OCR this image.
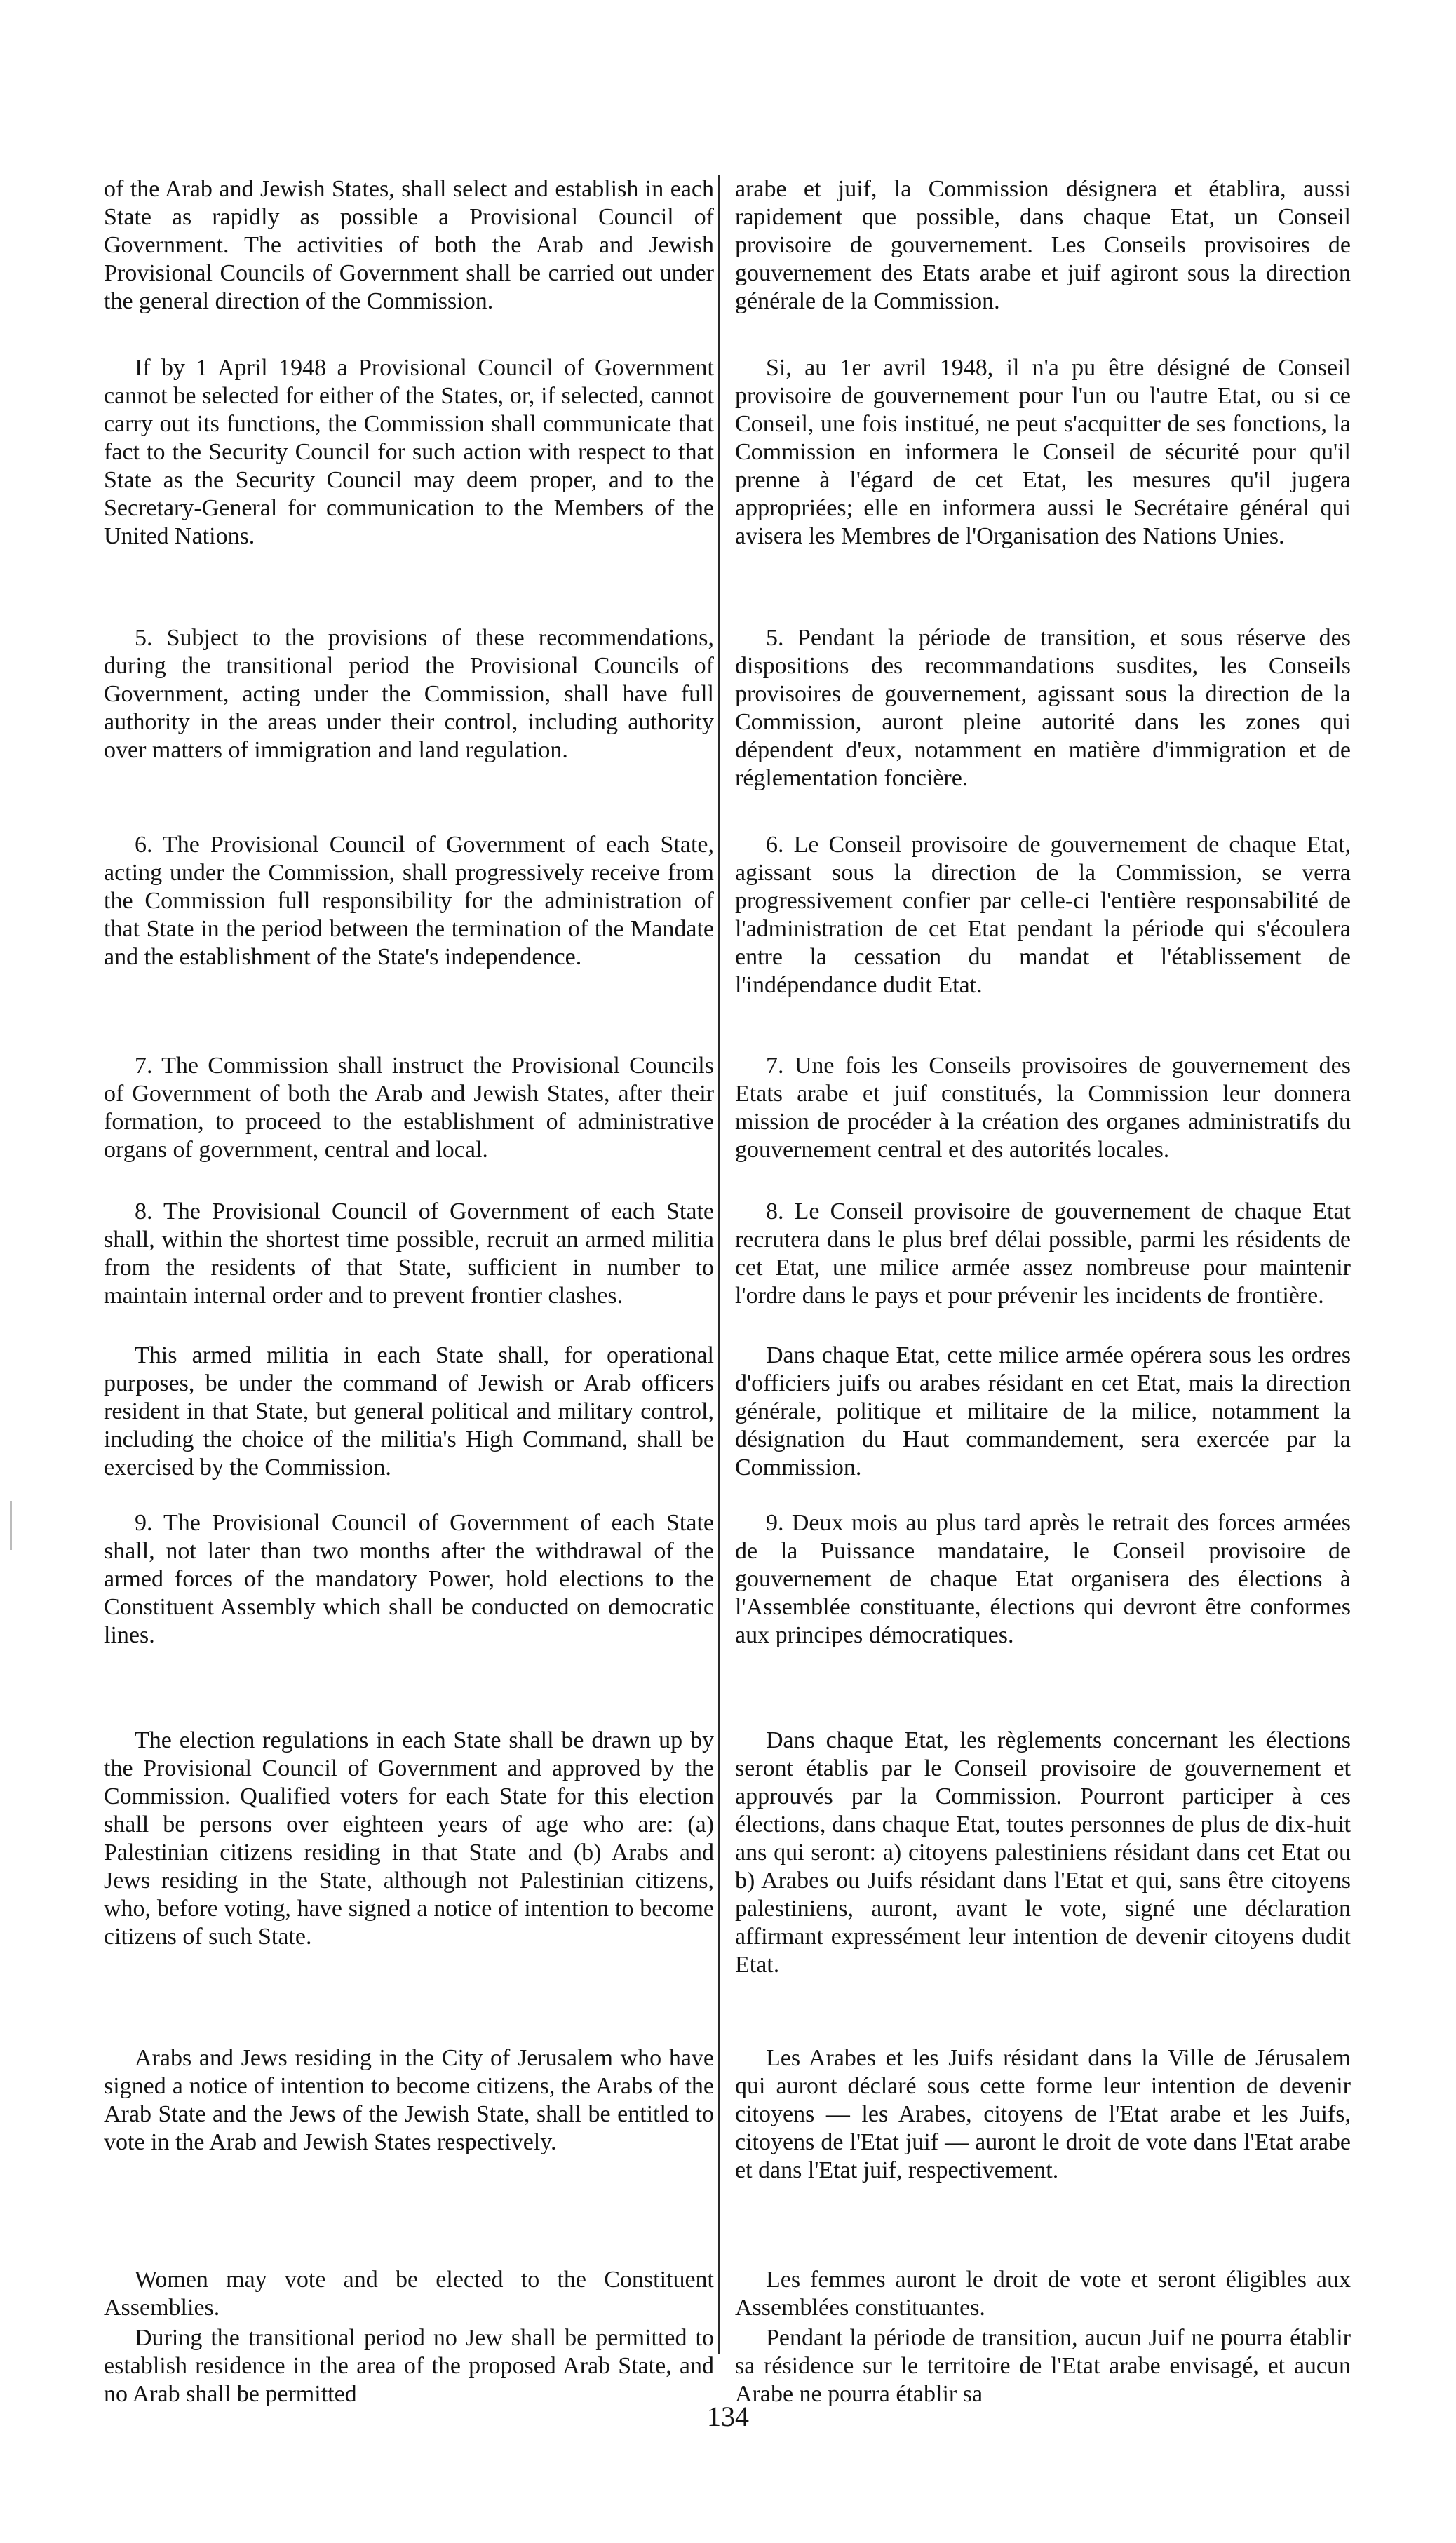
of the Arab and Jewish States, shall select and establish in each State as rapidly as possible a Provisional Council of Government. The activities of both the Arab and Jewish Provisional Councils of Government shall be carried out under the general direction of the Commission.

If by 1 April 1948 a Provisional Council of Government cannot be selected for either of the States, or, if selected, cannot carry out its functions, the Commission shall communicate that fact to the Security Council for such action with respect to that State as the Security Council may deem proper, and to the Secretary-General for communication to the Members of the United Nations.

5. Subject to the provisions of these recommendations, during the transitional period the Provisional Councils of Government, acting under the Commission, shall have full authority in the areas under their control, including authority over matters of immigration and land regulation.

6. The Provisional Council of Government of each State, acting under the Commission, shall progressively receive from the Commission full responsibility for the administration of that State in the period between the termination of the Mandate and the establishment of the State's independence.

7. The Commission shall instruct the Provisional Councils of Government of both the Arab and Jewish States, after their formation, to proceed to the establishment of administrative organs of government, central and local.

8. The Provisional Council of Government of each State shall, within the shortest time possible, recruit an armed militia from the residents of that State, sufficient in number to maintain internal order and to prevent frontier clashes.

This armed militia in each State shall, for operational purposes, be under the command of Jewish or Arab officers resident in that State, but general political and military control, including the choice of the militia's High Command, shall be exercised by the Commission.

9. The Provisional Council of Government of each State shall, not later than two months after the withdrawal of the armed forces of the mandatory Power, hold elections to the Constituent Assembly which shall be conducted on democratic lines.

The election regulations in each State shall be drawn up by the Provisional Council of Government and approved by the Commission. Qualified voters for each State for this election shall be persons over eighteen years of age who are: (a) Palestinian citizens residing in that State and (b) Arabs and Jews residing in the State, although not Palestinian citizens, who, before voting, have signed a notice of intention to become citizens of such State.

Arabs and Jews residing in the City of Jerusalem who have signed a notice of intention to become citizens, the Arabs of the Arab State and the Jews of the Jewish State, shall be entitled to vote in the Arab and Jewish States respectively.

Women may vote and be elected to the Constituent Assemblies.

During the transitional period no Jew shall be permitted to establish residence in the area of the proposed Arab State, and no Arab shall be permitted

arabe et juif, la Commission désignera et établira, aussi rapidement que possible, dans chaque Etat, un Conseil provisoire de gouvernement. Les Conseils provisoires de gouvernement des Etats arabe et juif agiront sous la direction générale de la Commission.

Si, au 1er avril 1948, il n'a pu être désigné de Conseil provisoire de gouvernement pour l'un ou l'autre Etat, ou si ce Conseil, une fois institué, ne peut s'acquitter de ses fonctions, la Commission en informera le Conseil de sécurité pour qu'il prenne à l'égard de cet Etat, les mesures qu'il jugera appropriées; elle en informera aussi le Secrétaire général qui avisera les Membres de l'Organisation des Nations Unies.

5. Pendant la période de transition, et sous réserve des dispositions des recommandations susdites, les Conseils provisoires de gouvernement, agissant sous la direction de la Commission, auront pleine autorité dans les zones qui dépendent d'eux, notamment en matière d'immigration et de réglementation foncière.

6. Le Conseil provisoire de gouvernement de chaque Etat, agissant sous la direction de la Commission, se verra progressivement confier par celle-ci l'entière responsabilité de l'administration de cet Etat pendant la période qui s'écoulera entre la cessation du mandat et l'établissement de l'indépendance dudit Etat.

7. Une fois les Conseils provisoires de gouvernement des Etats arabe et juif constitués, la Commission leur donnera mission de procéder à la création des organes administratifs du gouvernement central et des autorités locales.

8. Le Conseil provisoire de gouvernement de chaque Etat recrutera dans le plus bref délai possible, parmi les résidents de cet Etat, une milice armée assez nombreuse pour maintenir l'ordre dans le pays et pour prévenir les incidents de frontière.

Dans chaque Etat, cette milice armée opérera sous les ordres d'officiers juifs ou arabes résidant en cet Etat, mais la direction générale, politique et militaire de la milice, notamment la désignation du Haut commandement, sera exercée par la Commission.

9. Deux mois au plus tard après le retrait des forces armées de la Puissance mandataire, le Conseil provisoire de gouvernement de chaque Etat organisera des élections à l'Assemblée constituante, élections qui devront être conformes aux principes démocratiques.

Dans chaque Etat, les règlements concernant les élections seront établis par le Conseil provisoire de gouvernement et approuvés par la Commission. Pourront participer à ces élections, dans chaque Etat, toutes personnes de plus de dix-huit ans qui seront: a) citoyens palestiniens résidant dans cet Etat ou b) Arabes ou Juifs résidant dans l'Etat et qui, sans être citoyens palestiniens, auront, avant le vote, signé une déclaration affirmant expressément leur intention de devenir citoyens dudit Etat.

Les Arabes et les Juifs résidant dans la Ville de Jérusalem qui auront déclaré sous cette forme leur intention de devenir citoyens — les Arabes, citoyens de l'Etat arabe et les Juifs, citoyens de l'Etat juif — auront le droit de vote dans l'Etat arabe et dans l'Etat juif, respectivement.

Les femmes auront le droit de vote et seront éligibles aux Assemblées constituantes.

Pendant la période de transition, aucun Juif ne pourra établir sa résidence sur le territoire de l'Etat arabe envisagé, et aucun Arabe ne pourra établir sa

134
